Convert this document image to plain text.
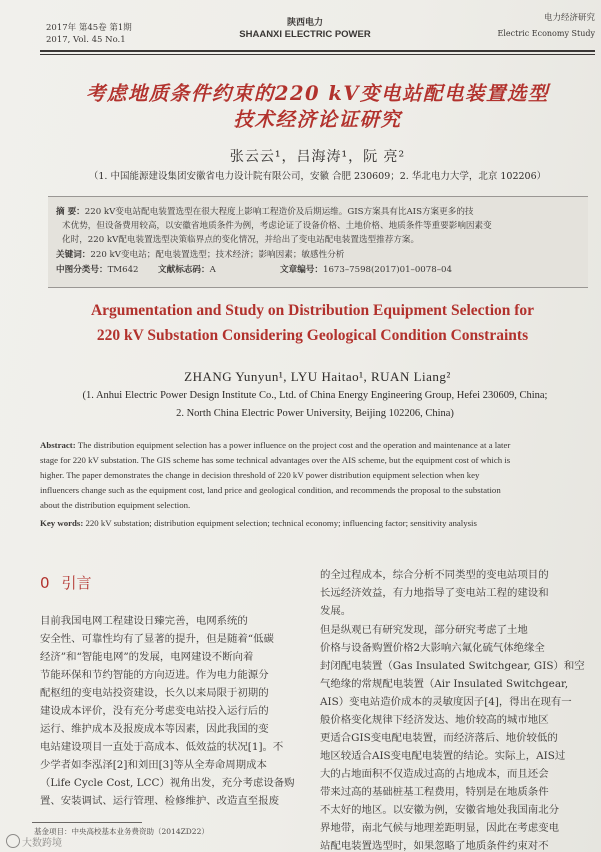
2017年 第45卷 第1期
2017, Vol. 45 No.1
陕西电力
SHAANXI ELECTRIC POWER
电力经济研究
Electric Economy Study
考虑地质条件约束的220 kV变电站配电装置选型
技术经济论证研究
张云云¹，吕海涛¹，阮 亮²
（1. 中国能源建设集团安徽省电力设计院有限公司，安徽 合肥 230609；2. 华北电力大学，北京 102206）
摘 要：220 kV变电站配电装置选型在很大程度上影响工程造价及后期运维。GIS方案具有比AIS方案更多的技
术优势，但设备费用较高，以安徽省地质条件为例，考虑论证了设备价格、土地价格、地质条件等重要影响因素变
化时，220 kV配电装置选型决策临界点的变化情况，并给出了变电站配电装置选型推荐方案。
关键词：220 kV变电站；配电装置选型；技术经济；影响因素；敏感性分析
中图分类号：TM642 文献标志码：A	文章编号：1673–7598(2017)01–0078–04
Argumentation and Study on Distribution Equipment Selection for
220 kV Substation Considering Geological Condition Constraints
ZHANG Yunyun¹, LYU Haitao¹, RUAN Liang²
(1. Anhui Electric Power Design Institute Co., Ltd. of China Energy Engineering Group, Hefei 230609, China;
2. North China Electric Power University, Beijing 102206, China)
Abstract: The distribution equipment selection has a power influence on the project cost and the operation and maintenance at a later
stage for 220 kV substation. The GIS scheme has some technical advantages over the AIS scheme, but the equipment cost of which is
higher. The paper demonstrates the change in decision threshold of 220 kV power distribution equipment selection when key
influencers change such as the equipment cost, land price and geological condition, and recommends the proposal to the substation
about the distribution equipment selection.
Key words: 220 kV substation; distribution equipment selection; technical economy; influencing factor; sensitivity analysis
0 引言
目前我国电网工程建设日臻完善，电网系统的
安全性、可靠性均有了显著的提升，但是随着“低碳
经济”和“智能电网”的发展，电网建设不断向着
节能环保和节约智能的方向迈进。作为电力能源分
配枢纽的变电站投资建设，长久以来局限于初期的
建设成本评价，没有充分考虑变电站投入运行后的
运行、维护成本及报废成本等因素，因此我国的变
电站建设项目一直处于高成本、低效益的状况[1]。不
少学者如李泓泽[2]和刘田[3]等从全寿命周期成本
（Life Cycle Cost, LCC）视角出发，充分考虑设备购
置、安装调试、运行管理、检修维护、改造直至报废
的全过程成本，综合分析不同类型的变电站项目的
长远经济效益，有力地指导了变电站工程的建设和
发展。
但是纵观已有研究发现，部分研究考虑了土地
价格与设备购置价格2大影响六氟化硫气体绝缘全
封闭配电装置（Gas Insulated Switchgear, GIS）和空
气绝缘的常规配电装置（Air Insulated Switchgear,
AIS）变电站造价成本的灵敏度因子[4]，得出在现有一
般价格变化规律下经济发达、地价较高的城市地区
更适合GIS变电配电装置，而经济落后、地价较低的
地区较适合AIS变电配电装置的结论。实际上，AIS过
大的占地面积不仅造成过高的占地成本，而且还会
带来过高的基础桩基工程费用，特别是在地质条件
不太好的地区。以安徽为例，安徽省地处我国南北分
界地带，南北气候与地理差距明显，因此在考虑变电
站配电装置选型时，如果忽略了地质条件约束对不
基金项目：中央高校基本业务费资助（2014ZD22）
大数跨境
